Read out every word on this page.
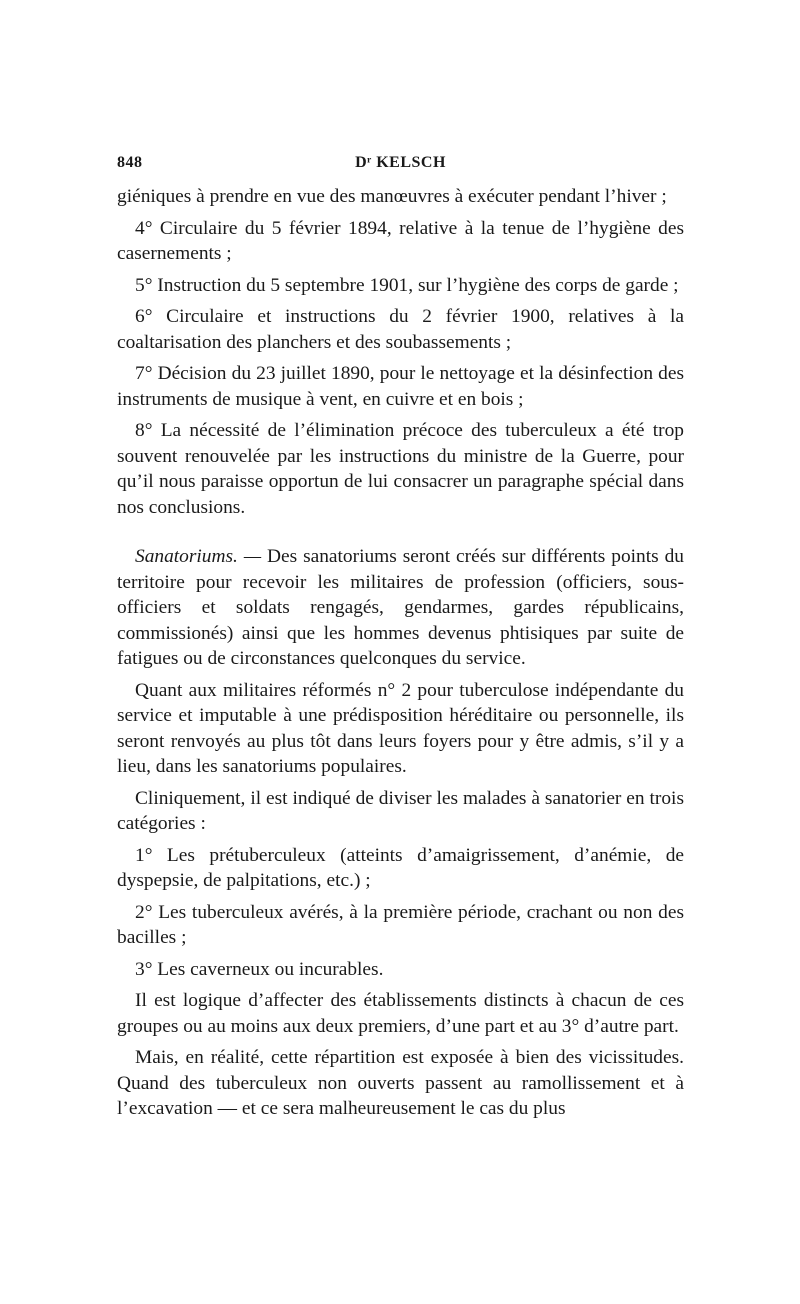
848	Dʳ KELSCH

giéniques à prendre en vue des manœuvres à exécuter pendant l’hiver ;

4° Circulaire du 5 février 1894, relative à la tenue de l’hygiène des casernements ;

5° Instruction du 5 septembre 1901, sur l’hygiène des corps de garde ;

6° Circulaire et instructions du 2 février 1900, relatives à la coaltarisation des planchers et des soubassements ;

7° Décision du 23 juillet 1890, pour le nettoyage et la désinfection des instruments de musique à vent, en cuivre et en bois ;

8° La nécessité de l’élimination précoce des tuberculeux a été trop souvent renouvelée par les instructions du ministre de la Guerre, pour qu’il nous paraisse opportun de lui consacrer un paragraphe spécial dans nos conclusions.

Sanatoriums. — Des sanatoriums seront créés sur différents points du territoire pour recevoir les militaires de profession (officiers, sous-officiers et soldats rengagés, gendarmes, gardes républicains, commissionés) ainsi que les hommes devenus phtisiques par suite de fatigues ou de circonstances quelconques du service.

Quant aux militaires réformés n° 2 pour tuberculose indépendante du service et imputable à une prédisposition héréditaire ou personnelle, ils seront renvoyés au plus tôt dans leurs foyers pour y être admis, s’il y a lieu, dans les sanatoriums populaires.

Cliniquement, il est indiqué de diviser les malades à sanatorier en trois catégories :

1° Les prétuberculeux (atteints d’amaigrissement, d’anémie, de dyspepsie, de palpitations, etc.) ;

2° Les tuberculeux avérés, à la première période, crachant ou non des bacilles ;

3° Les caverneux ou incurables.

Il est logique d’affecter des établissements distincts à chacun de ces groupes ou au moins aux deux premiers, d’une part et au 3° d’autre part.

Mais, en réalité, cette répartition est exposée à bien des vicissitudes. Quand des tuberculeux non ouverts passent au ramollissement et à l’excavation — et ce sera malheureusement le cas du plus
